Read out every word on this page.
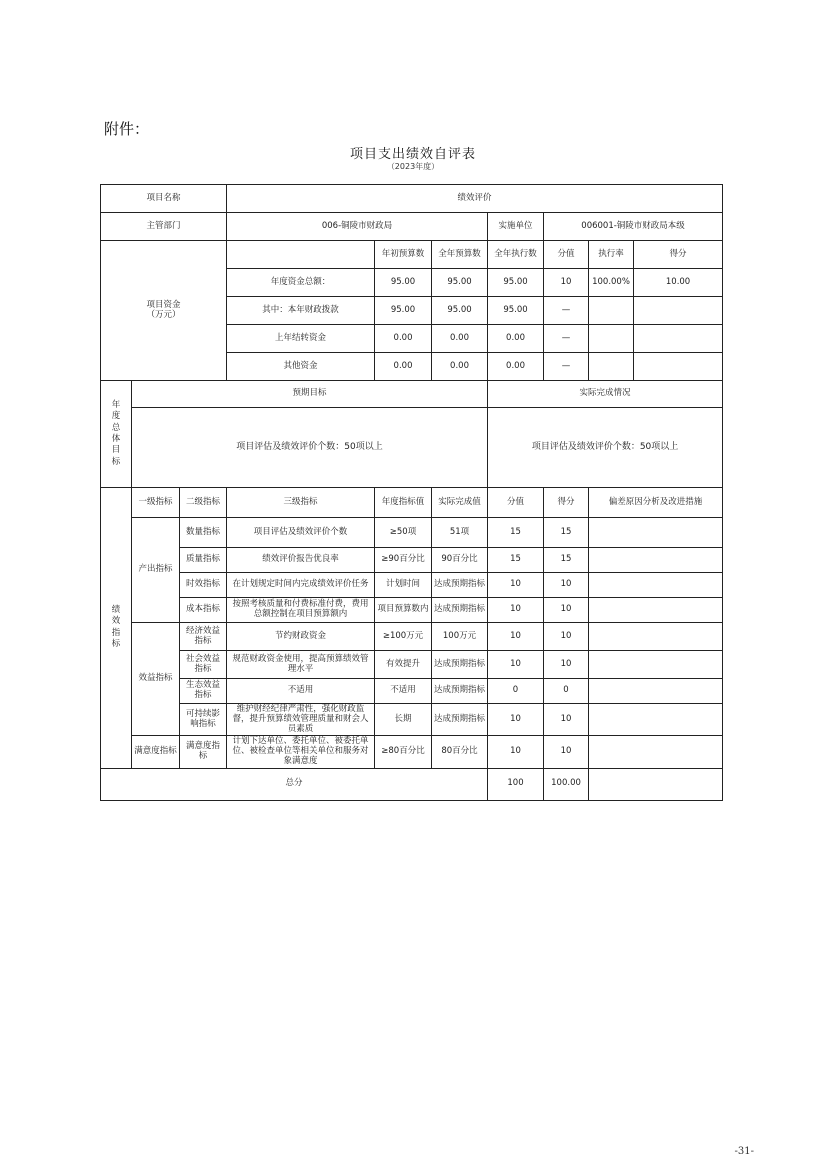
附件：
项目支出绩效自评表
（2023年度）
项目名称			绩效评价						
主管部门			006-铜陵市财政局			实施单位	006001-铜陵市财政局本级		
项目资金
（万元）				年初预算数	全年预算数	全年执行数	分值	执行率	得分
			年度资金总额：	95.00	95.00	95.00	10	100.00%	10.00
			其中：本年财政拨款	95.00	95.00	95.00	—		
			上年结转资金	0.00	0.00	0.00	—		
			其他资金	0.00	0.00	0.00	—		
年度总体目标	预期目标					实际完成情况			
	项目评估及绩效评价个数：50项以上					项目评估及绩效评价个数：50项以上			
绩效指标	一级指标	二级指标	三级指标	年度指标值	实际完成值	分值	得分	偏差原因分析及改进措施	
	产出指标	数量指标	项目评估及绩效评价个数	≥50项	51项	15	15		
		质量指标	绩效评价报告优良率	≥90百分比	90百分比	15	15		
		时效指标	在计划规定时间内完成绩效评价任务	计划时间	达成预期指标	10	10		
		成本指标	按照考核质量和付费标准付费，费用总额控制在项目预算额内	项目预算数内	达成预期指标	10	10		
	效益指标	经济效益指标	节约财政资金	≥100万元	100万元	10	10		
		社会效益指标	规范财政资金使用，提高预算绩效管理水平	有效提升	达成预期指标	10	10		
		生态效益指标	不适用	不适用	达成预期指标	0	0		
		可持续影响指标	维护财经纪律严肃性，强化财政监督，提升预算绩效管理质量和财会人员素质	长期	达成预期指标	10	10		
	满意度指标	满意度指标	计划下达单位、委托单位、被委托单位、被检查单位等相关单位和服务对象满意度	≥80百分比	80百分比	10	10		
总分						100	100.00		
-31-
